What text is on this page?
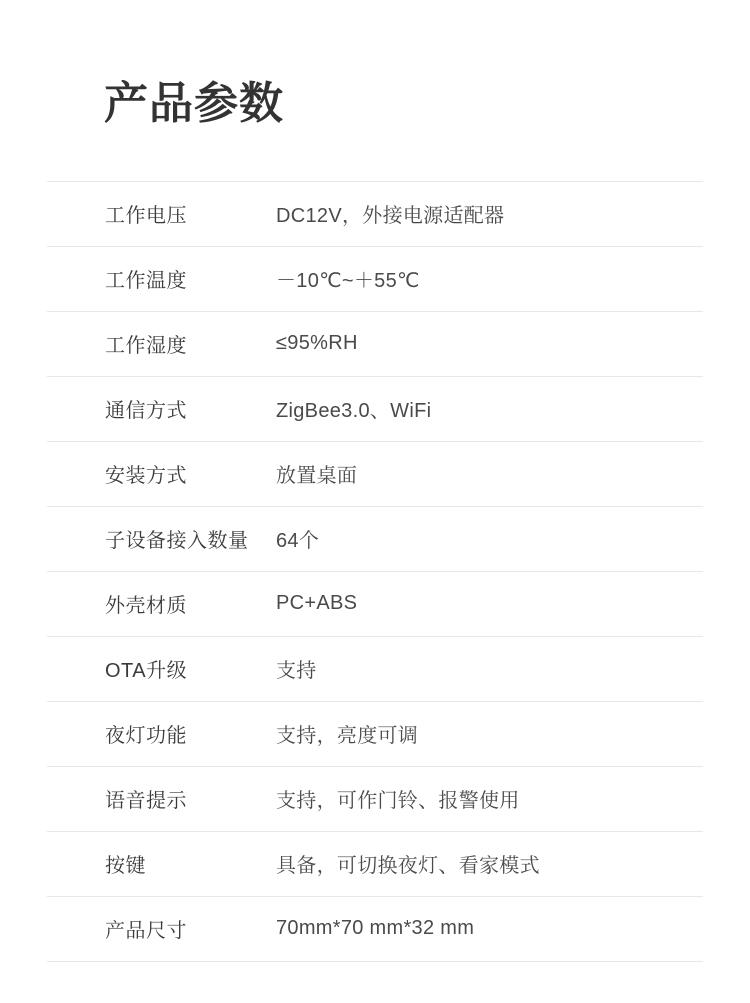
产品参数
工作电压	DC12V，外接电源适配器
工作温度	－10℃~＋55℃
工作湿度	≤95%RH
通信方式	ZigBee3.0、WiFi
安装方式	放置桌面
子设备接入数量	64个
外壳材质	PC+ABS
OTA升级	支持
夜灯功能	支持，亮度可调
语音提示	支持，可作门铃、报警使用
按键	具备，可切换夜灯、看家模式
产品尺寸	70mm*70 mm*32 mm
